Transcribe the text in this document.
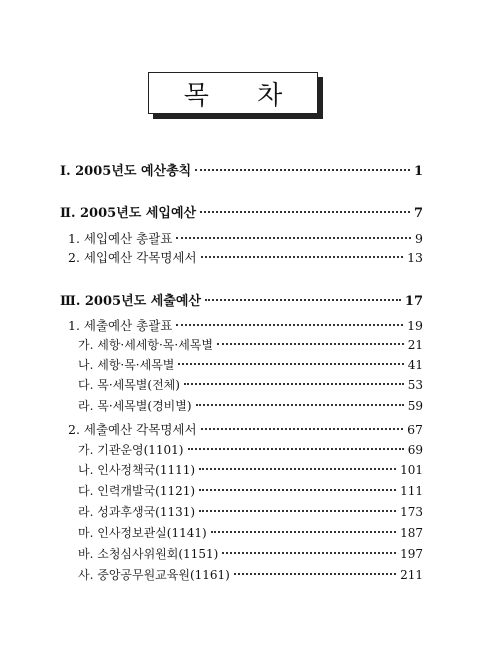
목 차
Ⅰ. 2005년도 예산총칙	1
Ⅱ. 2005년도 세입예산	7
1. 세입예산 총괄표	9
2. 세입예산 각목명세서	13
Ⅲ. 2005년도 세출예산	17
1. 세출예산 총괄표	19
가. 세항·세세항·목·세목별	21
나. 세항·목·세목별	41
다. 목·세목별(전체)	53
라. 목·세목별(경비별)	59
2. 세출예산 각목명세서	67
가. 기관운영(1101)	69
나. 인사정책국(1111)	101
다. 인력개발국(1121)	111
라. 성과후생국(1131)	173
마. 인사정보관실(1141)	187
바. 소청심사위원회(1151)	197
사. 중앙공무원교육원(1161)	211
